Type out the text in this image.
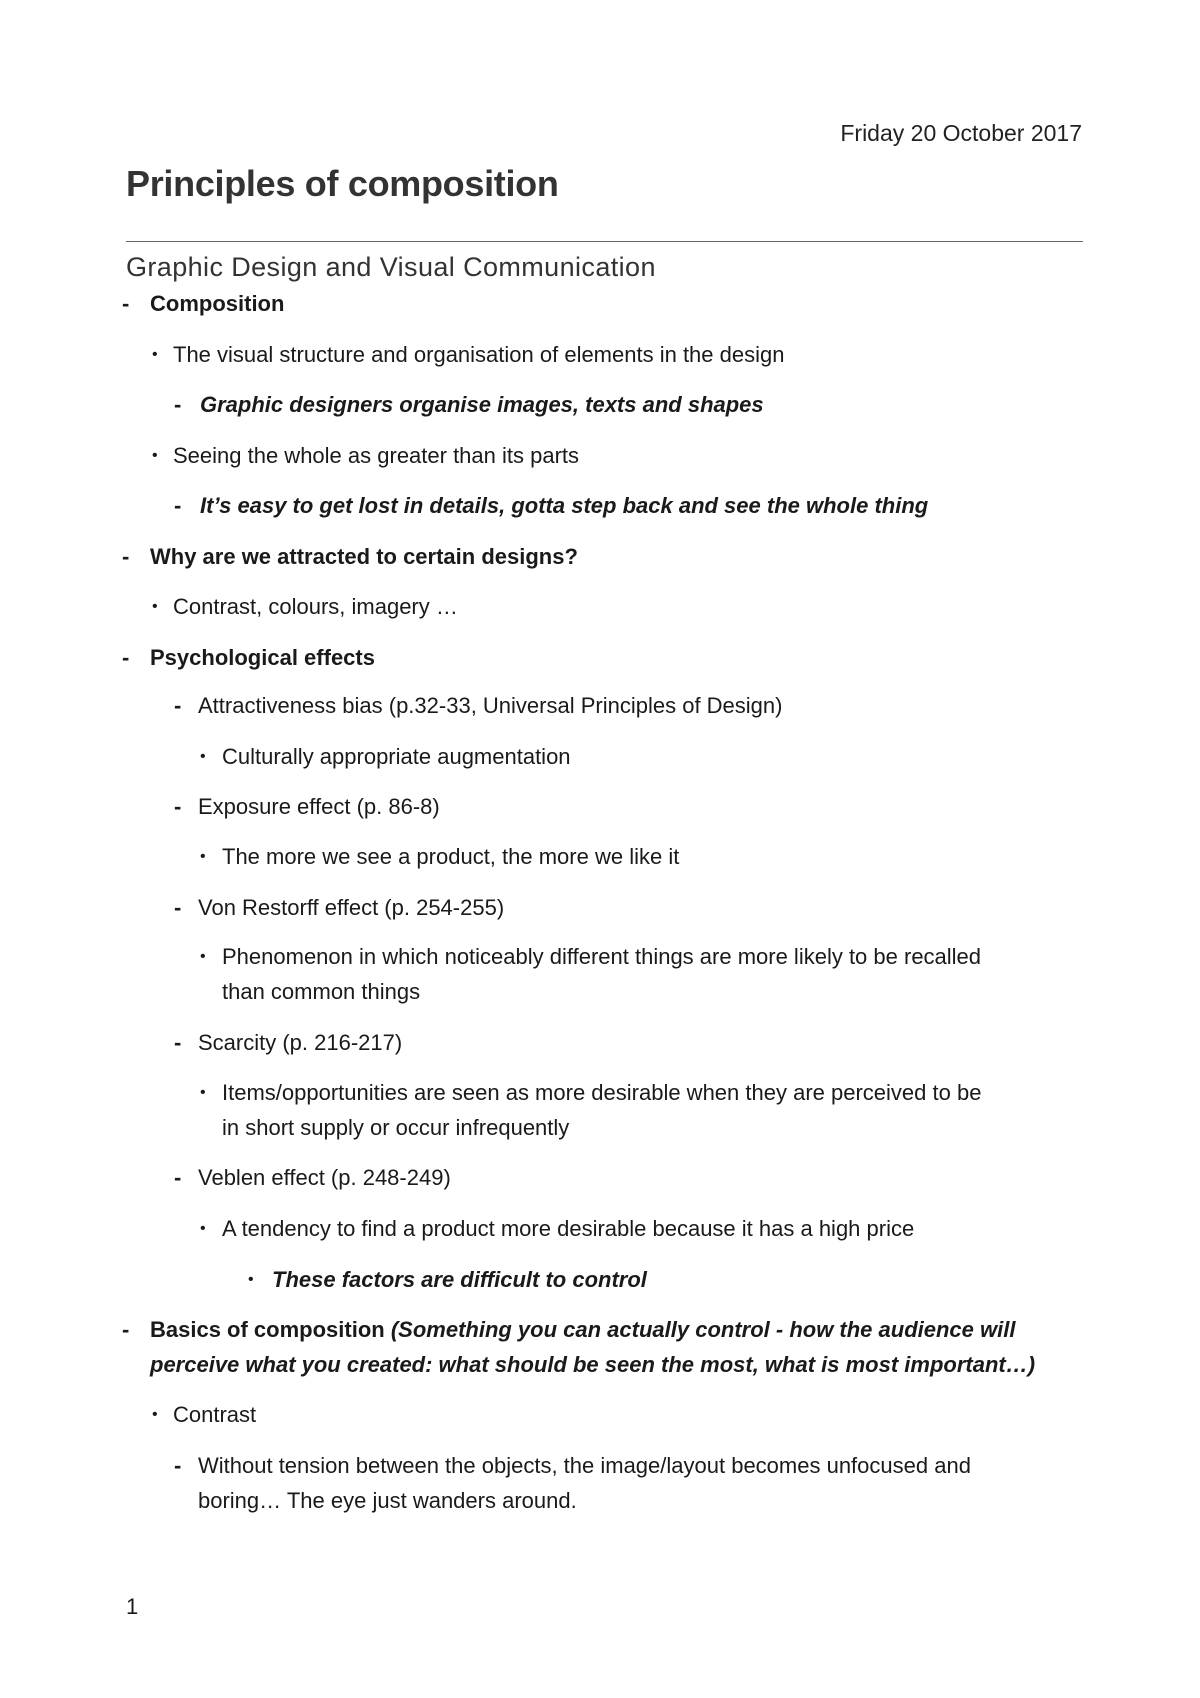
Friday 20 October 2017
Principles of composition
Graphic Design and Visual Communication
- Composition
• The visual structure and organisation of elements in the design
- Graphic designers organise images, texts and shapes
• Seeing the whole as greater than its parts
- It’s easy to get lost in details, gotta step back and see the whole thing
- Why are we attracted to certain designs?
• Contrast, colours, imagery …
- Psychological effects
- Attractiveness bias (p.32-33, Universal Principles of Design)
• Culturally appropriate augmentation
- Exposure effect (p. 86-8)
• The more we see a product, the more we like it
- Von Restorff effect (p. 254-255)
• Phenomenon in which noticeably different things are more likely to be recalled
than common things
- Scarcity (p. 216-217)
• Items/opportunities are seen as more desirable when they are perceived to be
in short supply or occur infrequently
- Veblen effect (p. 248-249)
• A tendency to find a product more desirable because it has a high price
• These factors are difficult to control
- Basics of composition (Something you can actually control - how the audience will
perceive what you created: what should be seen the most, what is most important…)
• Contrast
- Without tension between the objects, the image/layout becomes unfocused and
boring… The eye just wanders around.
1
